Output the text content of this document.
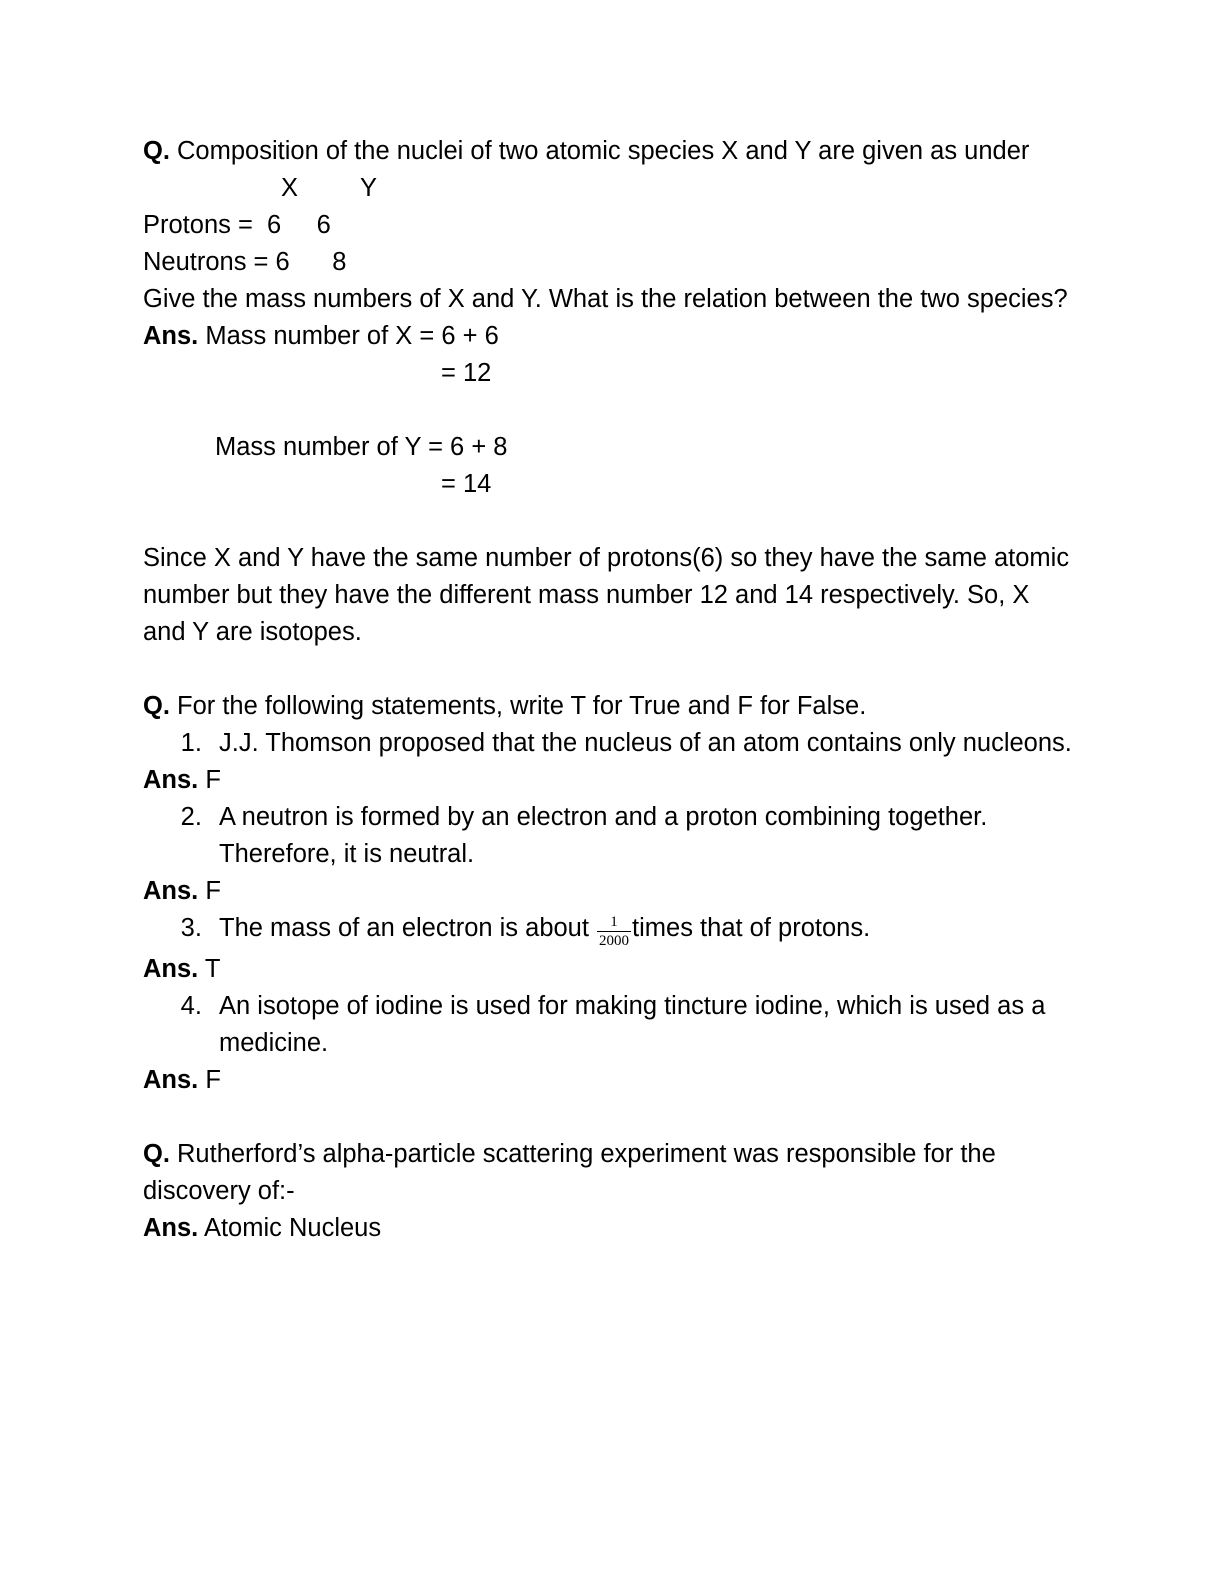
Q. Composition of the nuclei of two atomic species X and Y are given as under
X Y
Protons = 6 6
Neutrons = 6 8
Give the mass numbers of X and Y. What is the relation between the two species?
Ans. Mass number of X = 6 + 6
= 12
Mass number of Y = 6 + 8
= 14
Since X and Y have the same number of protons(6) so they have the same atomic number but they have the different mass number 12 and 14 respectively. So, X and Y are isotopes.
Q. For the following statements, write T for True and F for False.
1. J.J. Thomson proposed that the nucleus of an atom contains only nucleons.
Ans. F
2. A neutron is formed by an electron and a proton combining together. Therefore, it is neutral.
Ans. F
3. The mass of an electron is about $\frac{1}{2000}$ times that of protons.
Ans. T
4. An isotope of iodine is used for making tincture iodine, which is used as a medicine.
Ans. F
Q. Rutherford’s alpha-particle scattering experiment was responsible for the discovery of:-
Ans. Atomic Nucleus
